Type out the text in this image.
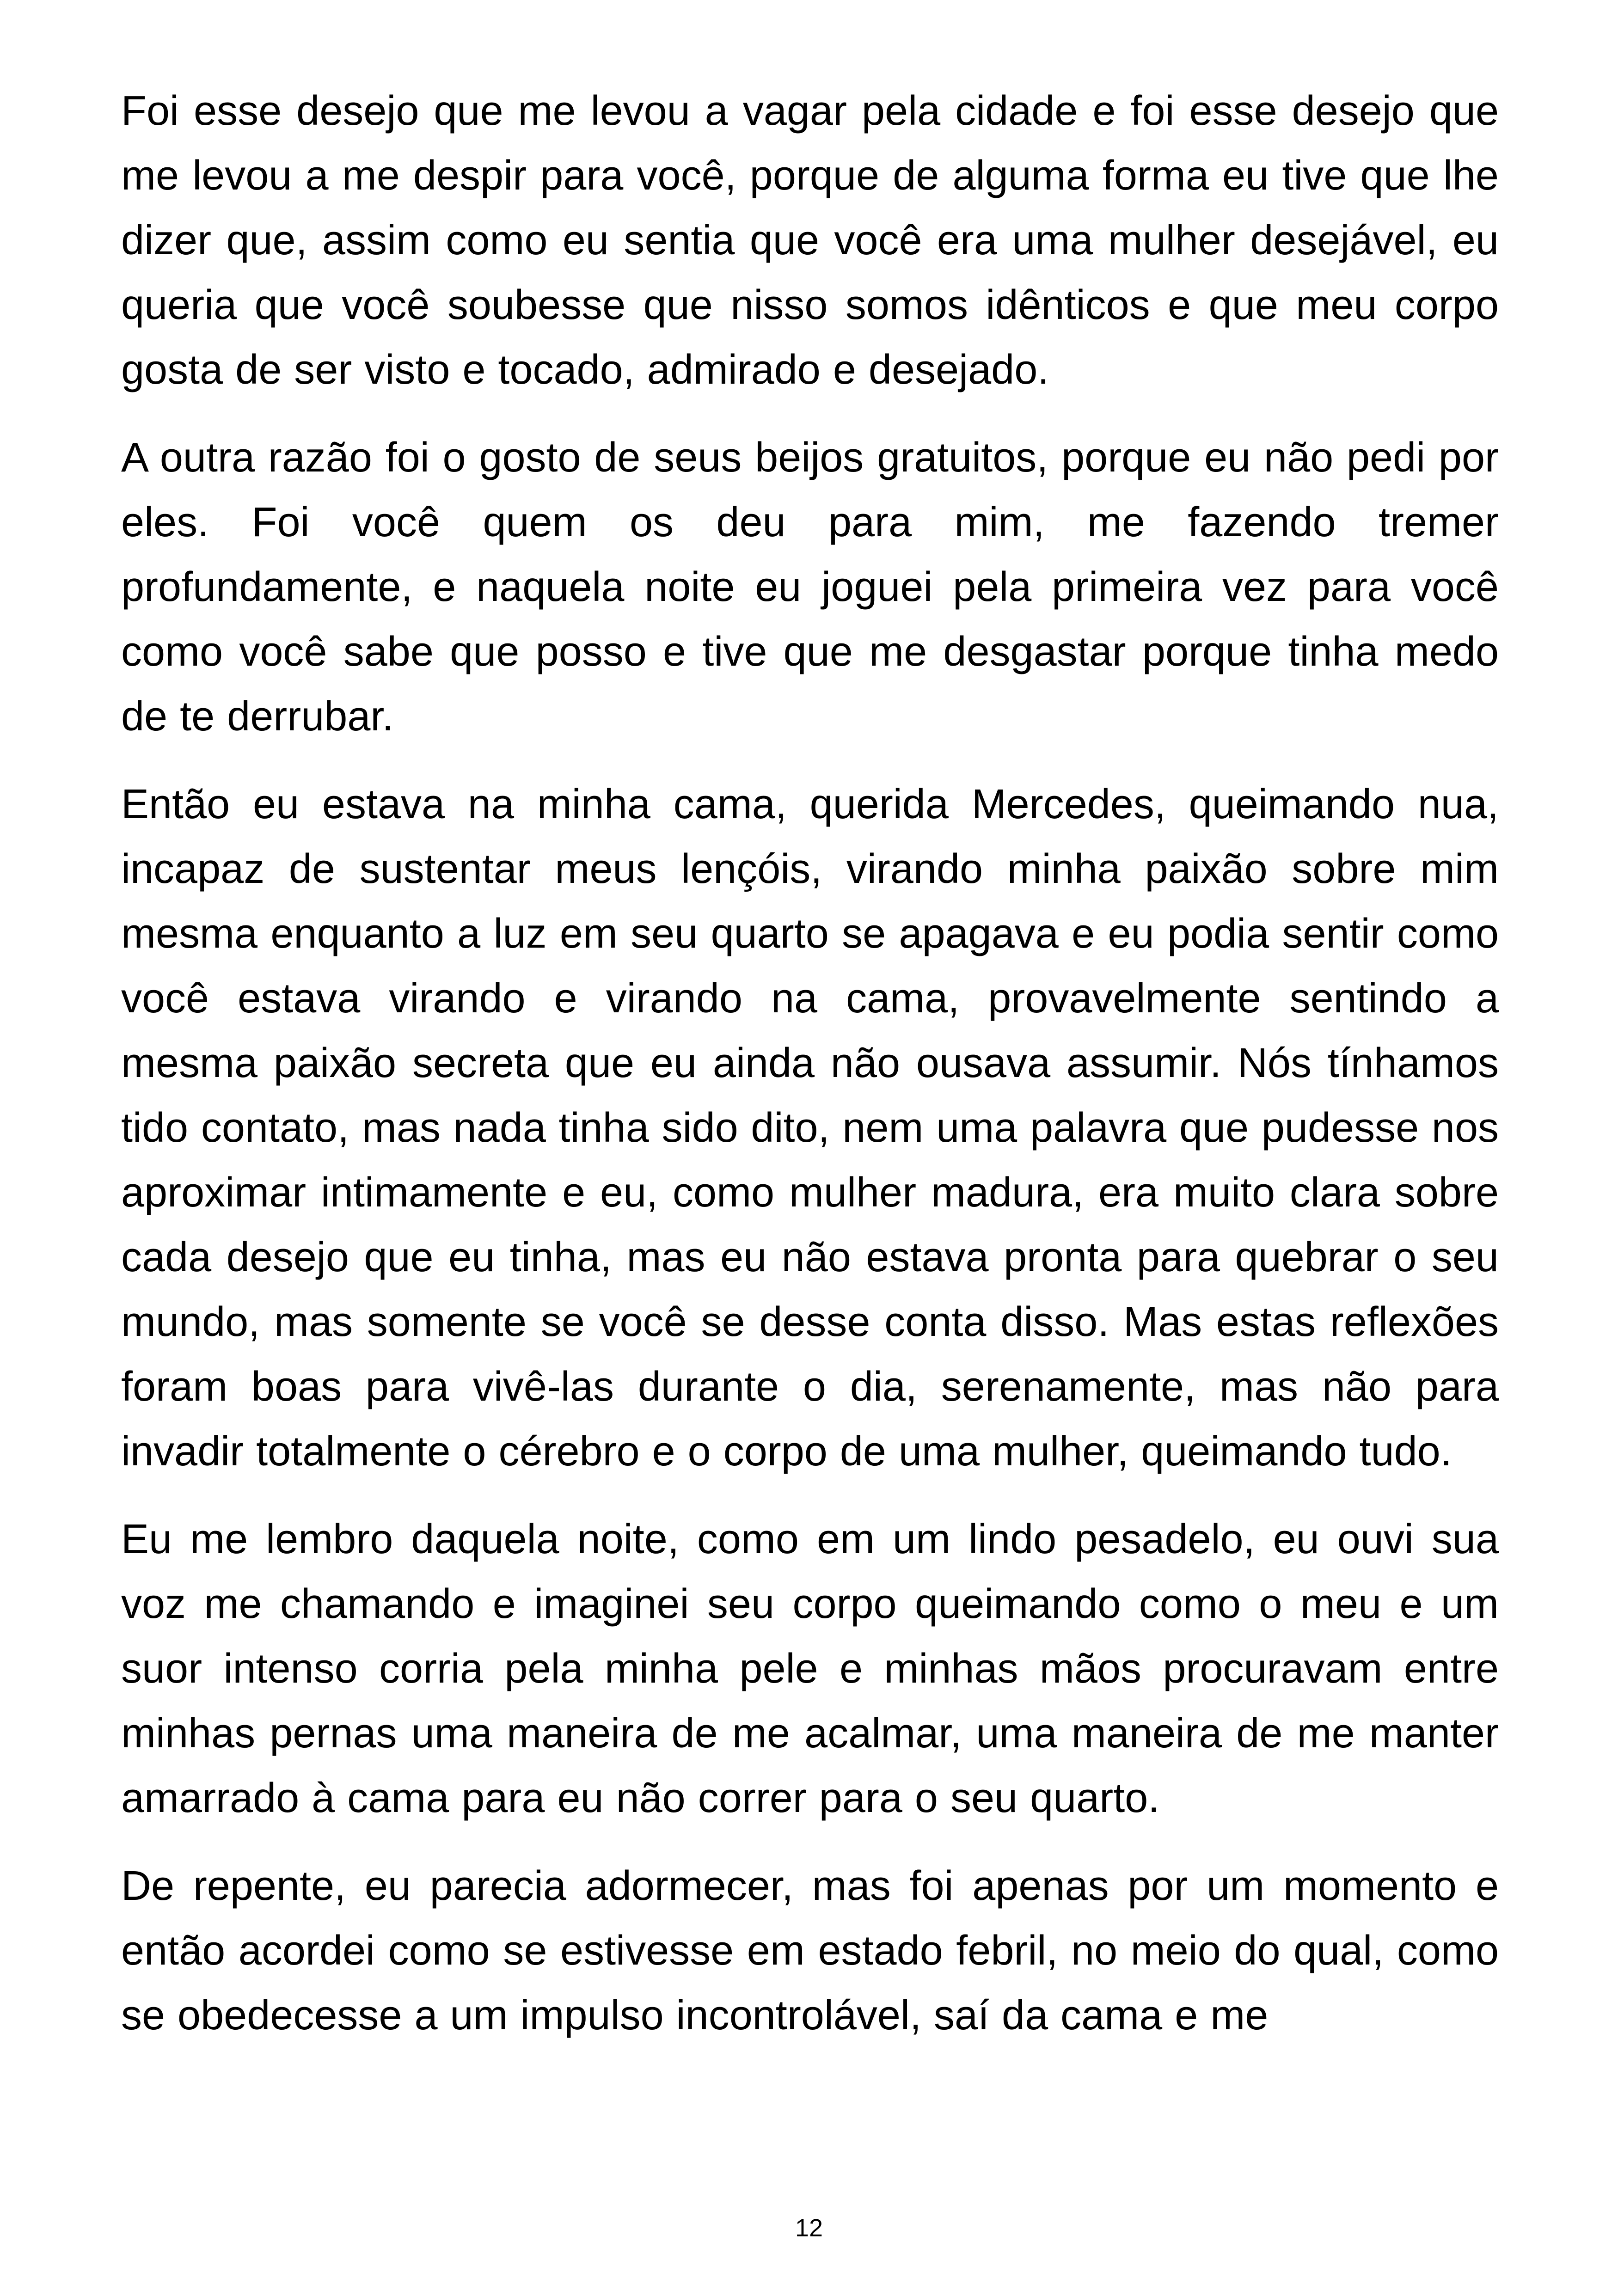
Foi esse desejo que me levou a vagar pela cidade e foi esse desejo que me levou a me despir para você, porque de alguma forma eu tive que lhe dizer que, assim como eu sentia que você era uma mulher desejável, eu queria que você soubesse que nisso somos idênticos e que meu corpo gosta de ser visto e tocado, admirado e desejado.

A outra razão foi o gosto de seus beijos gratuitos, porque eu não pedi por eles. Foi você quem os deu para mim, me fazendo tremer profundamente, e naquela noite eu joguei pela primeira vez para você como você sabe que posso e tive que me desgastar porque tinha medo de te derrubar.

Então eu estava na minha cama, querida Mercedes, queimando nua, incapaz de sustentar meus lençóis, virando minha paixão sobre mim mesma enquanto a luz em seu quarto se apagava e eu podia sentir como você estava virando e virando na cama, provavelmente sentindo a mesma paixão secreta que eu ainda não ousava assumir. Nós tínhamos tido contato, mas nada tinha sido dito, nem uma palavra que pudesse nos aproximar intimamente e eu, como mulher madura, era muito clara sobre cada desejo que eu tinha, mas eu não estava pronta para quebrar o seu mundo, mas somente se você se desse conta disso. Mas estas reflexões foram boas para vivê-las durante o dia, serenamente, mas não para invadir totalmente o cérebro e o corpo de uma mulher, queimando tudo.

Eu me lembro daquela noite, como em um lindo pesadelo, eu ouvi sua voz me chamando e imaginei seu corpo queimando como o meu e um suor intenso corria pela minha pele e minhas mãos procuravam entre minhas pernas uma maneira de me acalmar, uma maneira de me manter amarrado à cama para eu não correr para o seu quarto.

De repente, eu parecia adormecer, mas foi apenas por um momento e então acordei como se estivesse em estado febril, no meio do qual, como se obedecesse a um impulso incontrolável, saí da cama e me

12
